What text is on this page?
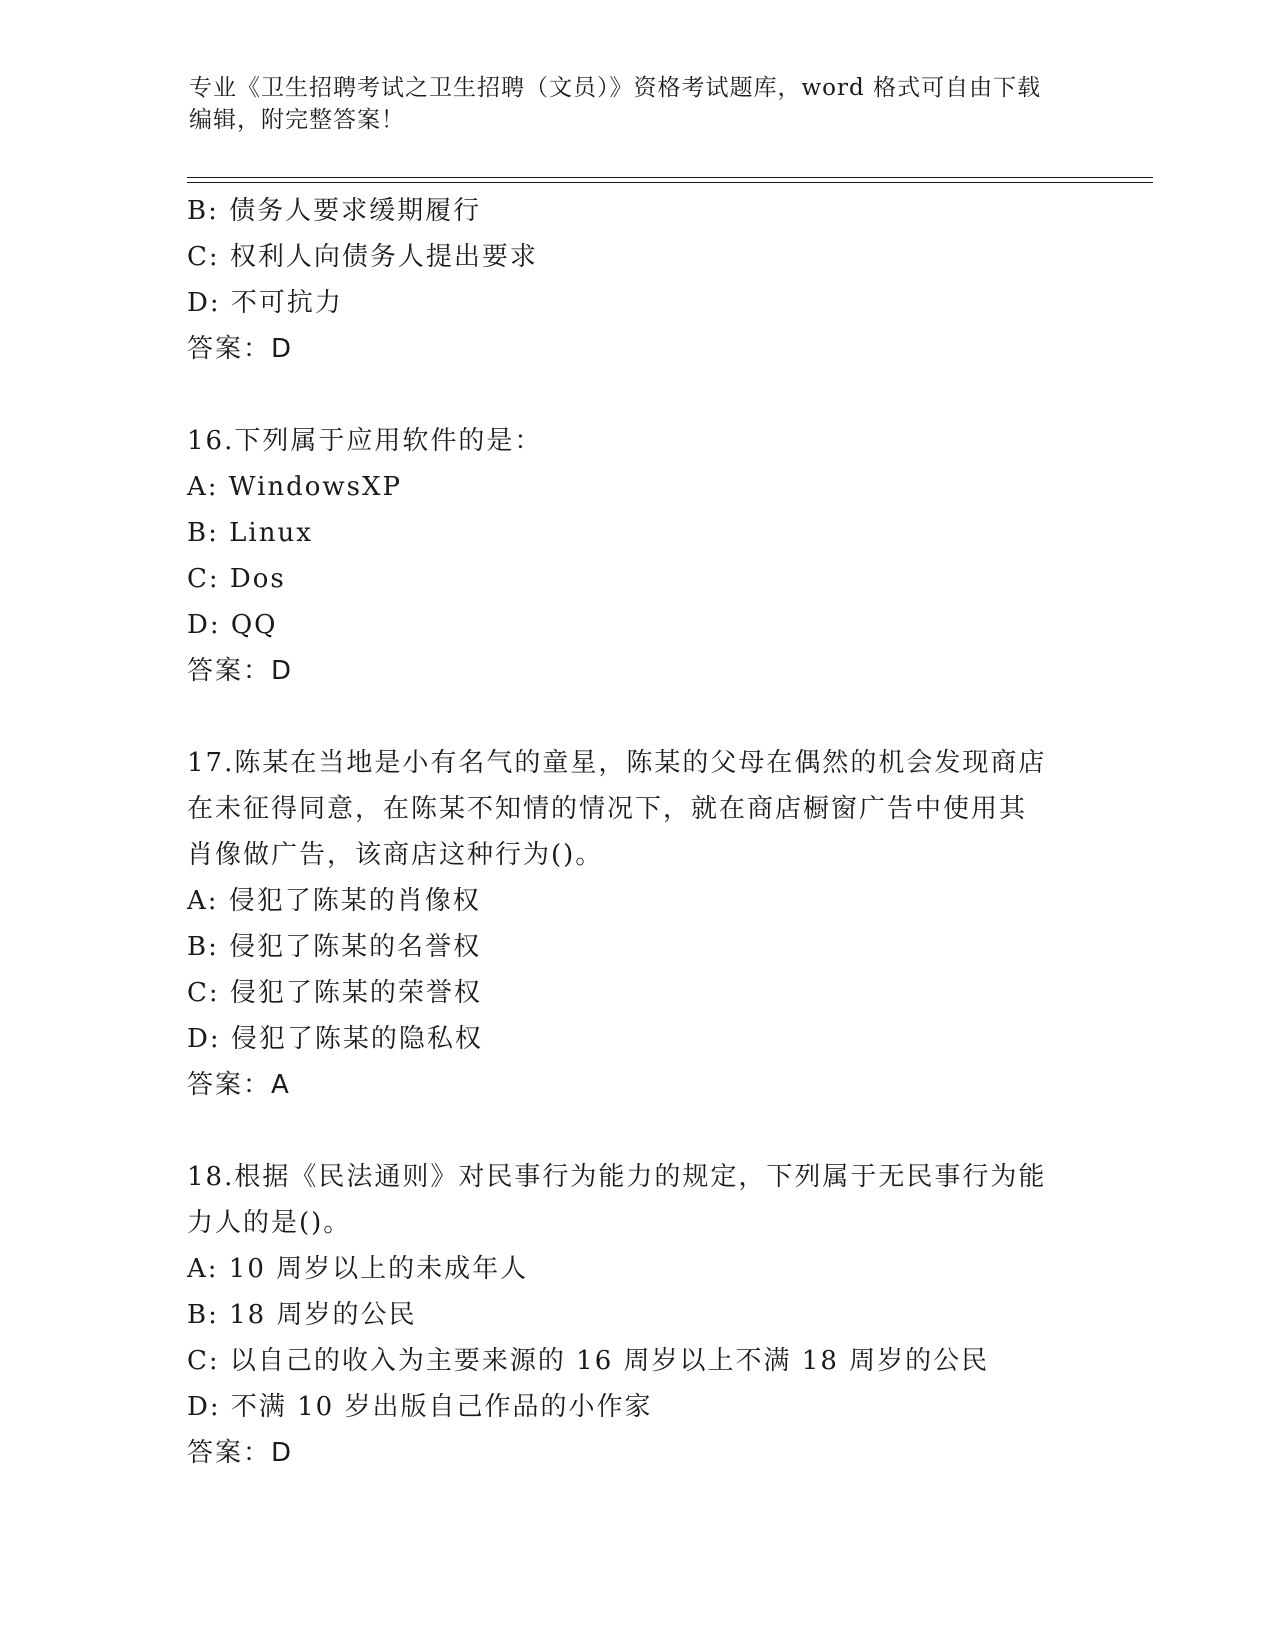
专业《卫生招聘考试之卫生招聘（文员）》资格考试题库，word 格式可自由下载
编辑，附完整答案！
B: 债务人要求缓期履行
C: 权利人向债务人提出要求
D: 不可抗力
答案：D
16.下列属于应用软件的是：
A: WindowsXP
B: Linux
C: Dos
D: QQ
答案：D
17.陈某在当地是小有名气的童星，陈某的父母在偶然的机会发现商店
在未征得同意，在陈某不知情的情况下，就在商店橱窗广告中使用其
肖像做广告，该商店这种行为()。
A: 侵犯了陈某的肖像权
B: 侵犯了陈某的名誉权
C: 侵犯了陈某的荣誉权
D: 侵犯了陈某的隐私权
答案：A
18.根据《民法通则》对民事行为能力的规定，下列属于无民事行为能
力人的是()。
A: 10 周岁以上的未成年人
B: 18 周岁的公民
C: 以自己的收入为主要来源的 16 周岁以上不满 18 周岁的公民
D: 不满 10 岁出版自己作品的小作家
答案：D
